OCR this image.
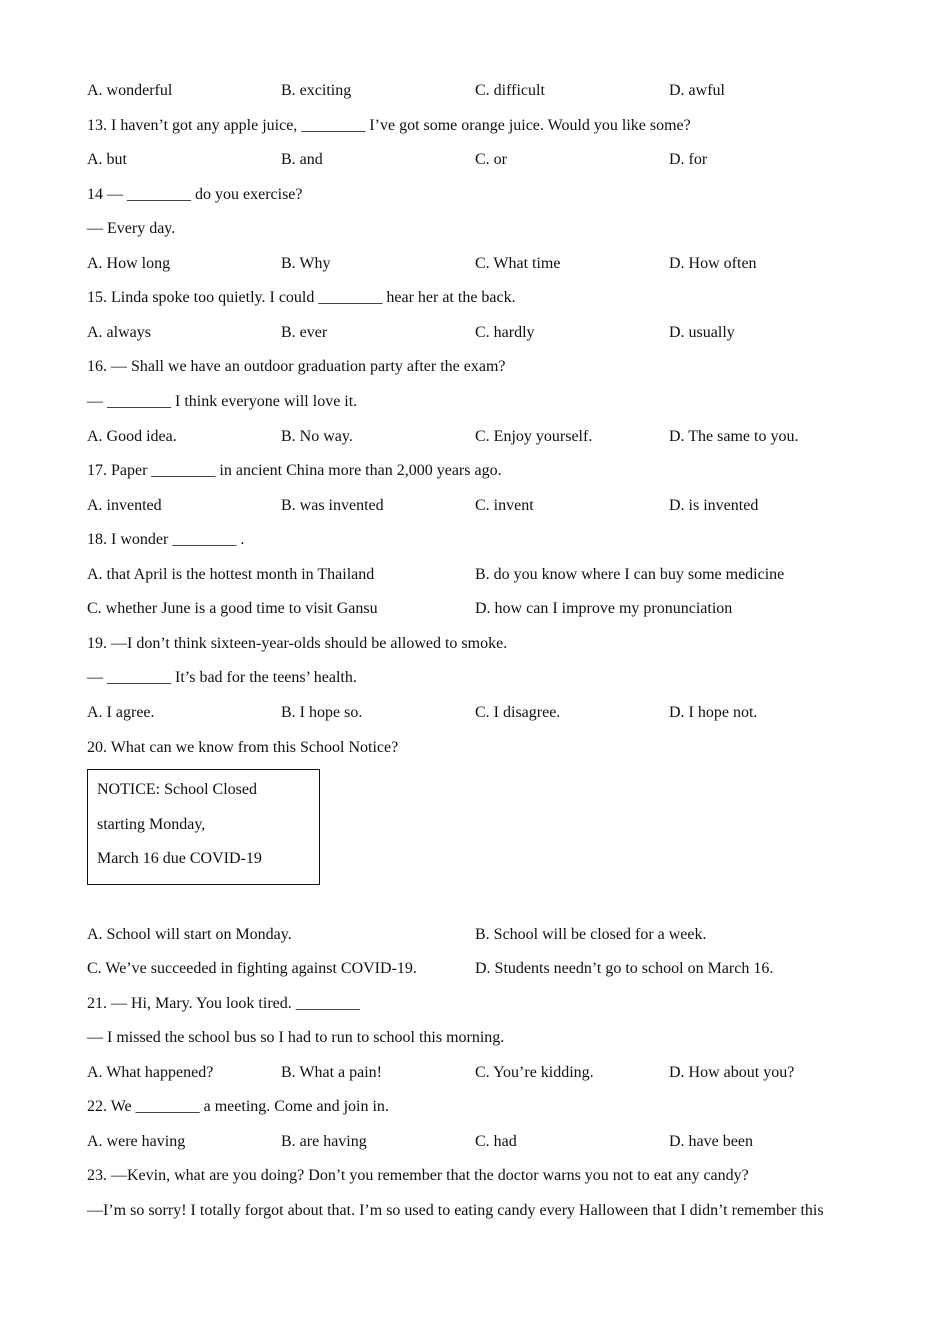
A. wonderful	B. exciting	C. difficult	D. awful
13. I haven’t got any apple juice, ________ I’ve got some orange juice. Would you like some?
A. but	B. and	C. or	D. for
14 — ________ do you exercise?
— Every day.
A. How long	B. Why	C. What time	D. How often
15. Linda spoke too quietly. I could ________ hear her at the back.
A. always	B. ever	C. hardly	D. usually
16. — Shall we have an outdoor graduation party after the exam?
— ________ I think everyone will love it.
A. Good idea.	B. No way.	C. Enjoy yourself.	D. The same to you.
17. Paper ________ in ancient China more than 2,000 years ago.
A. invented	B. was invented	C. invent	D. is invented
18. I wonder ________ .
A. that April is the hottest month in Thailand	B. do you know where I can buy some medicine
C. whether June is a good time to visit Gansu	D. how can I improve my pronunciation
19. —I don’t think sixteen-year-olds should be allowed to smoke.
— ________ It’s bad for the teens’ health.
A. I agree.	B. I hope so.	C. I disagree.	D. I hope not.
20. What can we know from this School Notice?
NOTICE: School Closed
starting Monday,
March 16 due COVID-19
A. School will start on Monday.	B. School will be closed for a week.
C. We’ve succeeded in fighting against COVID-19.	D. Students needn’t go to school on March 16.
21. — Hi, Mary. You look tired. ________
— I missed the school bus so I had to run to school this morning.
A. What happened?	B. What a pain!	C. You’re kidding.	D. How about you?
22. We ________ a meeting. Come and join in.
A. were having	B. are having	C. had	D. have been
23. —Kevin, what are you doing? Don’t you remember that the doctor warns you not to eat any candy?
—I’m so sorry! I totally forgot about that. I’m so used to eating candy every Halloween that I didn’t remember this
